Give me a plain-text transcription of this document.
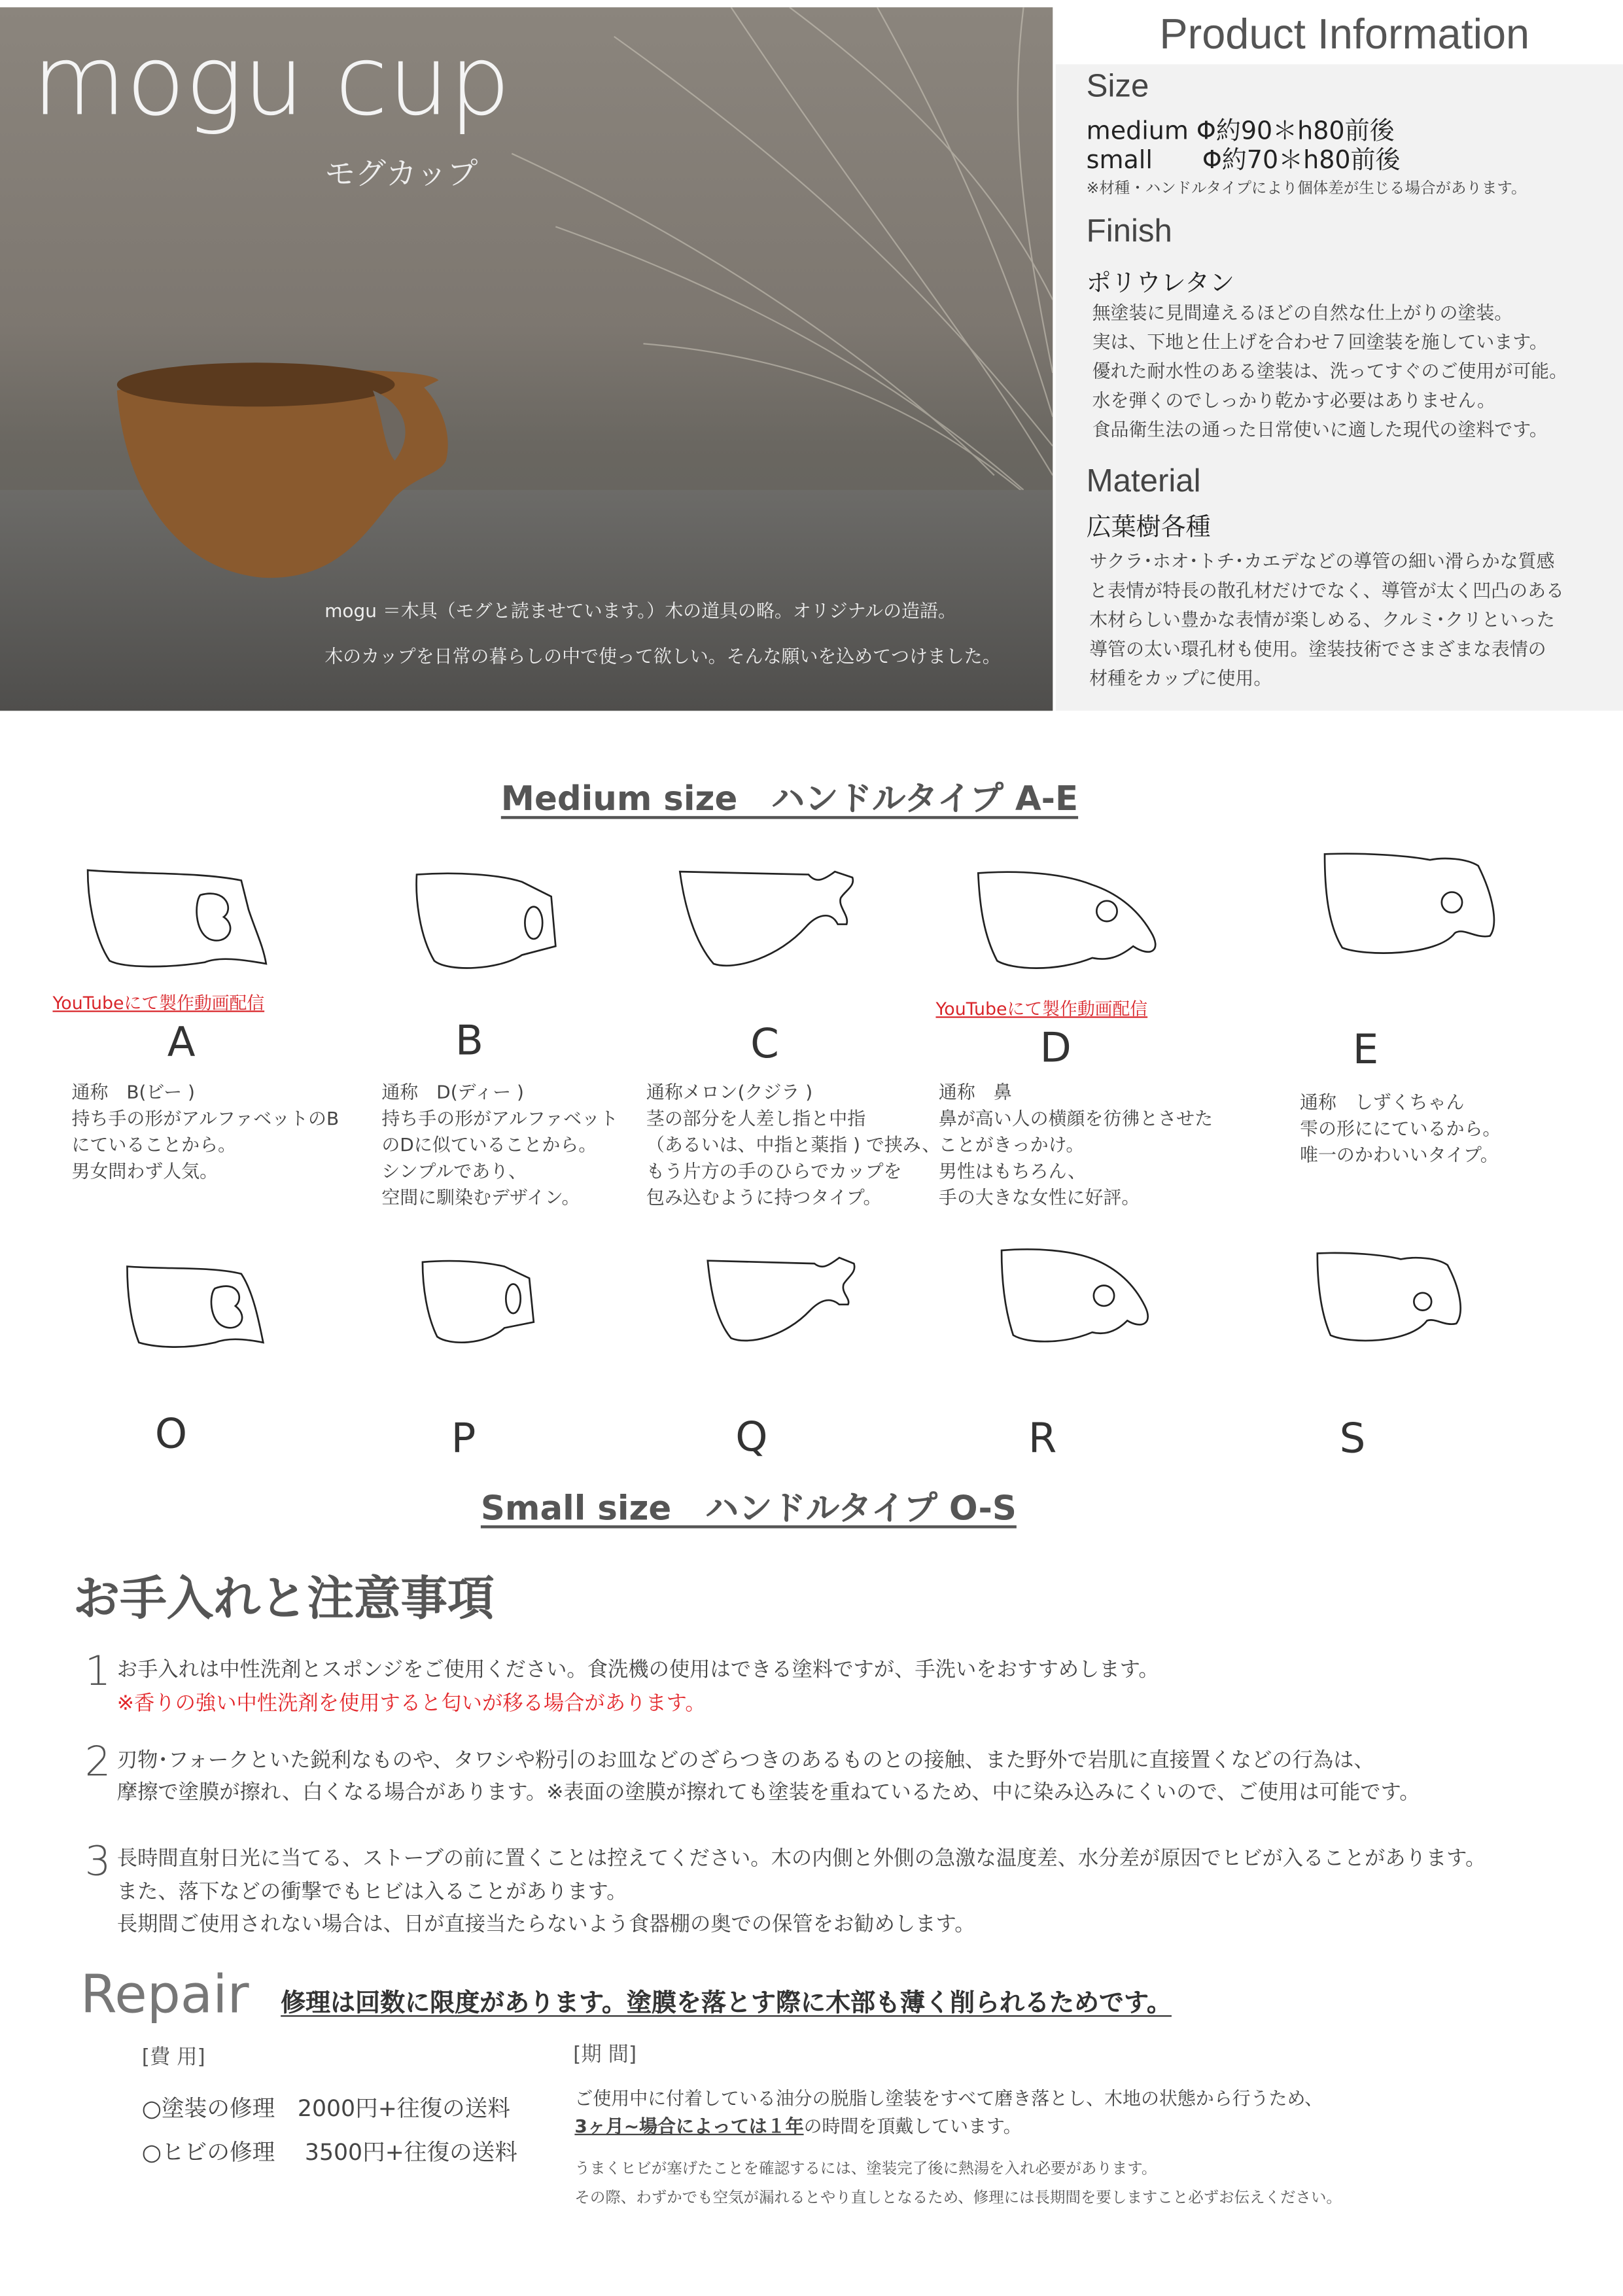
mogu cup
モグカップ
mogu ＝木具（モグと読ませています。）木の道具の略。オリジナルの造語。
木のカップを日常の暮らしの中で使って欲しい。そんな願いを込めてつけました。
Product Information
Size
medium Φ約90＊h80前後
small　　Φ約70＊h80前後
※材種・ハンドルタイプにより個体差が生じる場合があります。
Finish
ポリウレタン
無塗装に見間違えるほどの自然な仕上がりの塗装。
実は、下地と仕上げを合わせ７回塗装を施しています。
優れた耐水性のある塗装は、洗ってすぐのご使用が可能。
水を弾くのでしっかり乾かす必要はありません。
食品衛生法の通った日常使いに適した現代の塗料です。
Material
広葉樹各種
サクラ･ホオ･トチ･カエデなどの導管の細い滑らかな質感
と表情が特長の散孔材だけでなく、導管が太く凹凸のある
木材らしい豊かな表情が楽しめる、クルミ･クリといった
導管の太い環孔材も使用。塗装技術でさまざまな表情の
材種をカップに使用。
Medium size　ハンドルタイプ A-E
YouTubeにて製作動画配信	YouTubeにて製作動画配信
A	B	C	D	E
通称　B(ビー )
持ち手の形がアルファベットのB
にていることから。
男女問わず人気。
通称　D(ディー )
持ち手の形がアルファベット
のDに似ていることから。
シンプルであり、
空間に馴染むデザイン。
通称メロン(クジラ )
茎の部分を人差し指と中指
（あるいは、中指と薬指 ) で挟み、
もう片方の手のひらでカップを
包み込むように持つタイプ。
通称　鼻
鼻が高い人の横顔を彷彿とさせた
ことがきっかけ。
男性はもちろん、
手の大きな女性に好評。
通称　しずくちゃん
雫の形ににているから。
唯一のかわいいタイプ。
O	P	Q	R	S
Small size　ハンドルタイプ O-S
お手入れと注意事項
1 お手入れは中性洗剤とスポンジをご使用ください。食洗機の使用はできる塗料ですが、手洗いをおすすめします。
※香りの強い中性洗剤を使用すると匂いが移る場合があります。
2 刃物･フォークといた鋭利なものや、タワシや粉引のお皿などのざらつきのあるものとの接触、また野外で岩肌に直接置くなどの行為は、
摩擦で塗膜が擦れ、白くなる場合があります。※表面の塗膜が擦れても塗装を重ねているため、中に染み込みにくいので、ご使用は可能です。
3 長時間直射日光に当てる、ストーブの前に置くことは控えてください。木の内側と外側の急激な温度差、水分差が原因でヒビが入ることがあります。
また、落下などの衝撃でもヒビは入ることがあります。
長期間ご使用されない場合は、日が直接当たらないよう食器棚の奥での保管をお勧めします。
Repair	修理は回数に限度があります。塗膜を落とす際に木部も薄く削られるためです。
[費 用]	[期 間]
○塗装の修理　2000円+往復の送料
○ヒビの修理　 3500円+往復の送料
ご使用中に付着している油分の脱脂し塗装をすべて磨き落とし、木地の状態から行うため、
3ヶ月~場合によっては１年の時間を頂戴しています。
うまくヒビが塞げたことを確認するには、塗装完了後に熱湯を入れ必要があります。
その際、わずかでも空気が漏れるとやり直しとなるため、修理には長期間を要しますこと必ずお伝えください。
